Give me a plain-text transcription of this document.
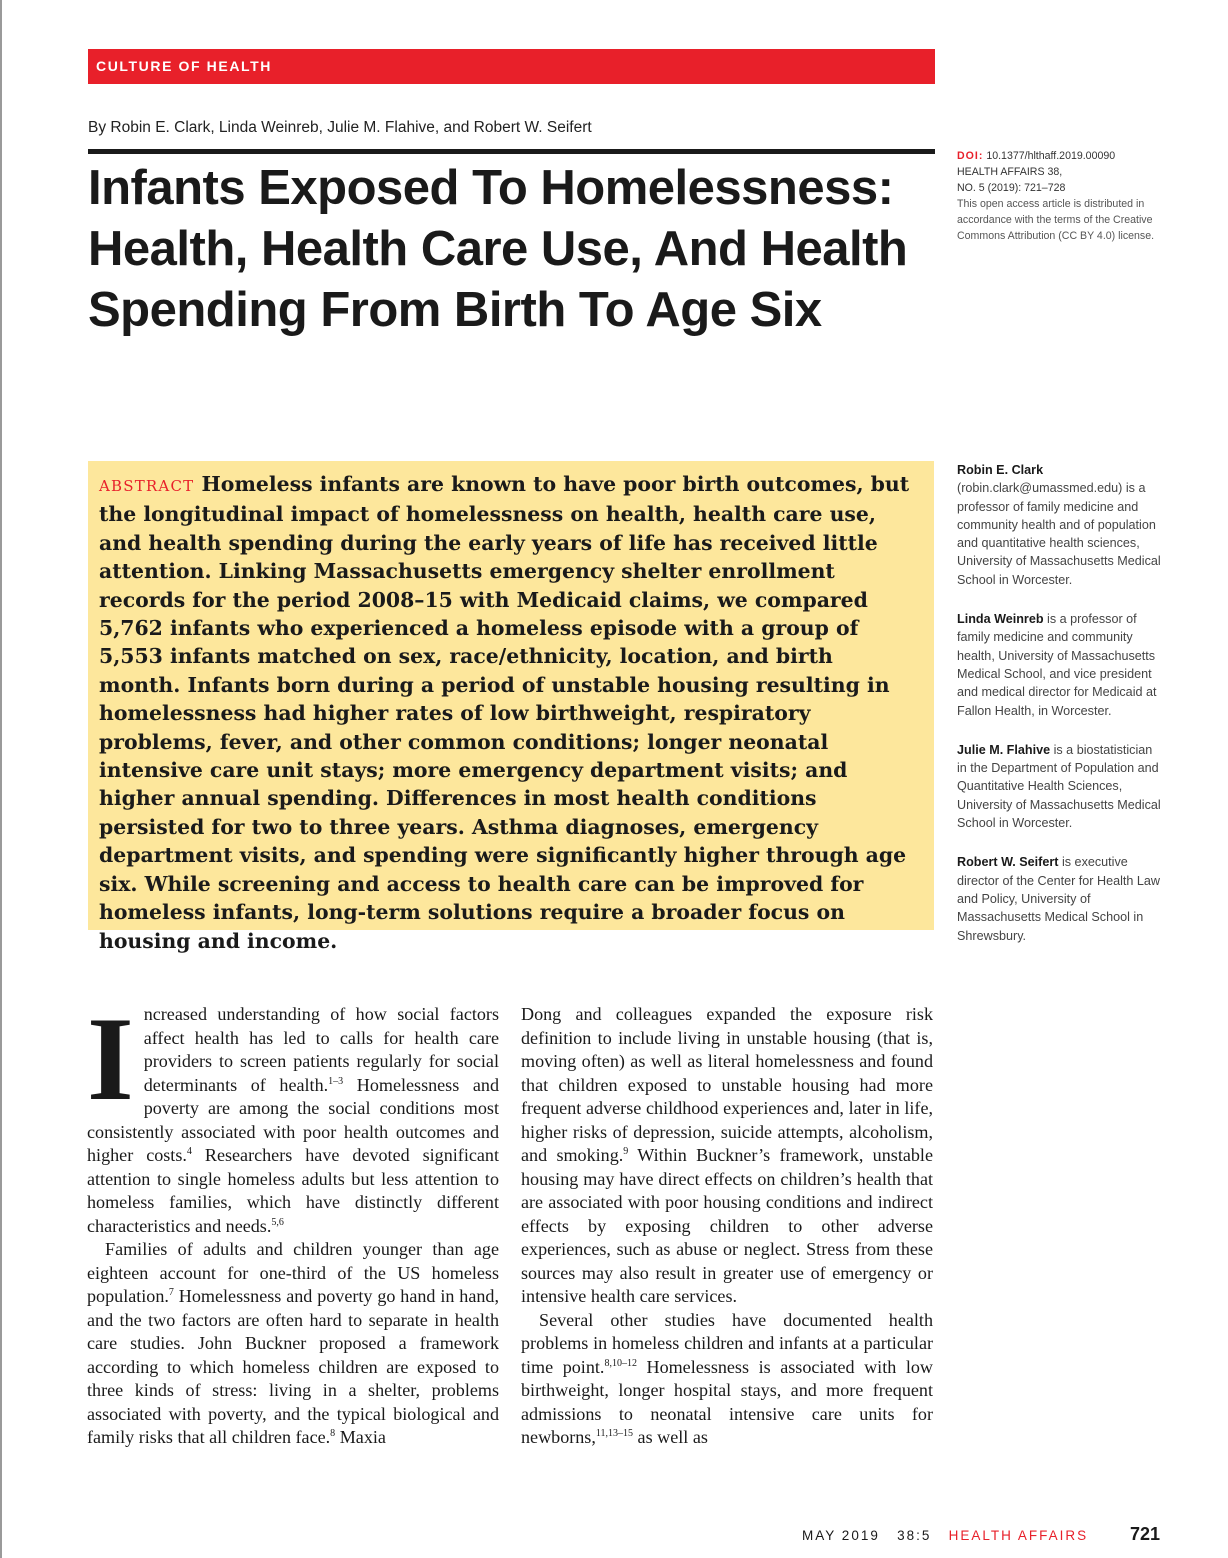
CULTURE OF HEALTH
By Robin E. Clark, Linda Weinreb, Julie M. Flahive, and Robert W. Seifert
Infants Exposed To Homelessness: Health, Health Care Use, And Health Spending From Birth To Age Six
DOI: 10.1377/hlthaff.2019.00090
HEALTH AFFAIRS 38,
NO. 5 (2019): 721–728
This open access article is distributed in accordance with the terms of the Creative Commons Attribution (CC BY 4.0) license.
ABSTRACT Homeless infants are known to have poor birth outcomes, but the longitudinal impact of homelessness on health, health care use, and health spending during the early years of life has received little attention. Linking Massachusetts emergency shelter enrollment records for the period 2008–15 with Medicaid claims, we compared 5,762 infants who experienced a homeless episode with a group of 5,553 infants matched on sex, race/ethnicity, location, and birth month. Infants born during a period of unstable housing resulting in homelessness had higher rates of low birthweight, respiratory problems, fever, and other common conditions; longer neonatal intensive care unit stays; more emergency department visits; and higher annual spending. Differences in most health conditions persisted for two to three years. Asthma diagnoses, emergency department visits, and spending were significantly higher through age six. While screening and access to health care can be improved for homeless infants, long-term solutions require a broader focus on housing and income.
Robin E. Clark (robin.clark@umassmed.edu) is a professor of family medicine and community health and of population and quantitative health sciences, University of Massachusetts Medical School in Worcester.
Linda Weinreb is a professor of family medicine and community health, University of Massachusetts Medical School, and vice president and medical director for Medicaid at Fallon Health, in Worcester.
Julie M. Flahive is a biostatistician in the Department of Population and Quantitative Health Sciences, University of Massachusetts Medical School in Worcester.
Robert W. Seifert is executive director of the Center for Health Law and Policy, University of Massachusetts Medical School in Shrewsbury.

Increased understanding of how social factors affect health has led to calls for health care providers to screen patients regularly for social determinants of health.$^{1-3}$ Homelessness and poverty are among the social conditions most consistently associated with poor health outcomes and higher costs.$^4$ Researchers have devoted significant attention to single homeless adults but less attention to homeless families, which have distinctly different characteristics and needs.$^{5,6}$

Families of adults and children younger than age eighteen account for one-third of the US homeless population.$^7$ Homelessness and poverty go hand in hand, and the two factors are often hard to separate in health care studies. John Buckner proposed a framework according to which homeless children are exposed to three kinds of stress: living in a shelter, problems associated with poverty, and the typical biological and family risks that all children face.$^8$ Maxia

Dong and colleagues expanded the exposure risk definition to include living in unstable housing (that is, moving often) as well as literal homelessness and found that children exposed to unstable housing had more frequent adverse childhood experiences and, later in life, higher risks of depression, suicide attempts, alcoholism, and smoking.$^9$ Within Buckner’s framework, unstable housing may have direct effects on children’s health that are associated with poor housing conditions and indirect effects by exposing children to other adverse experiences, such as abuse or neglect. Stress from these sources may also result in greater use of emergency or intensive health care services.

Several other studies have documented health problems in homeless children and infants at a particular time point.$^{8,10-12}$ Homelessness is associated with low birthweight, longer hospital stays, and more frequent admissions to neonatal intensive care units for newborns,$^{11,13-15}$ as well as

MAY 2019 38:5 HEALTH AFFAIRS 721
